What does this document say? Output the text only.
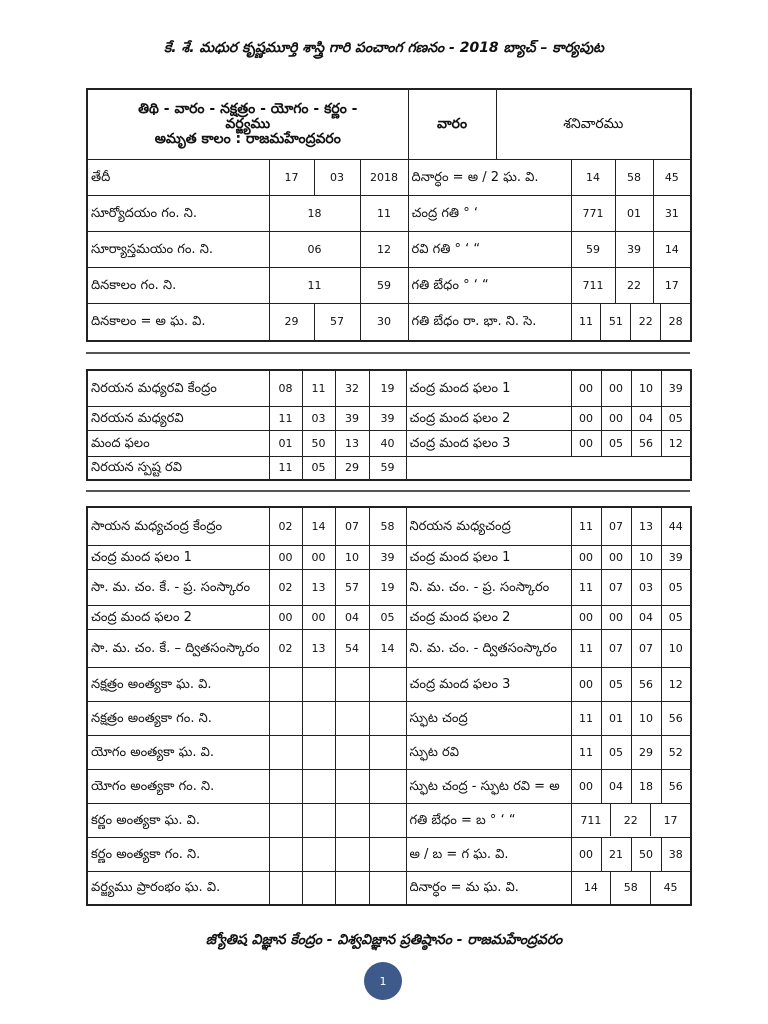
కే. శే. మధుర కృష్ణమూర్తి శాస్త్రి గారి పంచాంగ గణనం - 2018 బ్యాచ్ – కార్యపుట
తిథి - వారం - నక్షత్రం - యోగం - కర్ణం -
వర్జ్యము
అమృత కాలం : రాజమహేంద్రవరం				వారం	శనివారము			
తేదీ	17	03	2018	దినార్ధం = అ / 2 ఘ. వి.		14	58	45
సూర్యోదయం గం. ని.	18		11	చంద్ర గతి ° ‘		771	01	31
సూర్యాస్తమయం గం. ని.	06		12	రవి గతి ° ‘ “		59	39	14
దినకాలం గం. ని.	11		59	గతి బేధం ° ‘ “		711	22	17
దినకాలం = అ ఘ. వి.	29	57	30	గతి బేధం రా. భా. ని. సె.		11 51 22 28		
నిరయన మధ్యరవి కేంద్రం	08	11	32	19	చంద్ర మంద ఫలం 1	00	00	10	39
నిరయన మధ్యరవి	11	03	39	39	చంద్ర మంద ఫలం 2	00	00	04	05
మంద ఫలం	01	50	13	40	చంద్ర మంద ఫలం 3	00	05	56	12
నిరయన స్పష్ట రవి	11	05	29	59					
సాయన మధ్యచంద్ర కేంద్రం	02	14	07	58	నిరయన మధ్యచంద్ర	11	07	13	44
చంద్ర మంద ఫలం 1	00	00	10	39	చంద్ర మంద ఫలం 1	00	00	10	39
సా. మ. చం. కే. - ప్ర. సంస్కారం	02	13	57	19	ని. మ. చం. - ప్ర. సంస్కారం	11	07	03	05
చంద్ర మంద ఫలం 2	00	00	04	05	చంద్ర మంద ఫలం 2	00	00	04	05
సా. మ. చం. కే. – ద్వితసంస్కారం	02	13	54	14	ని. మ. చం. - ద్వితసంస్కారం	11	07	07	10
నక్షత్రం అంత్యకా ఘ. వి.					చంద్ర మంద ఫలం 3	00	05	56	12
నక్షత్రం అంత్యకా గం. ని.					స్ఫుట చంద్ర	11	01	10	56
యోగం అంత్యకా ఘ. వి.					స్ఫుట రవి	11	05	29	52
యోగం అంత్యకా గం. ని.					స్ఫుట చంద్ర - స్ఫుట రవి = అ	00	04	18	56
కర్ణం అంత్యకా ఘ. వి.					గతి బేధం = బ ° ‘ “	711 22 17			

కర్ణం అంత్యకా గం. ని.					అ / బ = గ ఘ. వి.	00	21	50	38
వర్జ్యము ప్రారంభం ఘ. వి.					దినార్ధం = మ ఘ. వి.	14 58 45			
జ్యోతిష విజ్ఞాన కేంద్రం - విశ్వవిజ్ఞాన ప్రతిష్ఠానం - రాజమహేంద్రవరం
1
